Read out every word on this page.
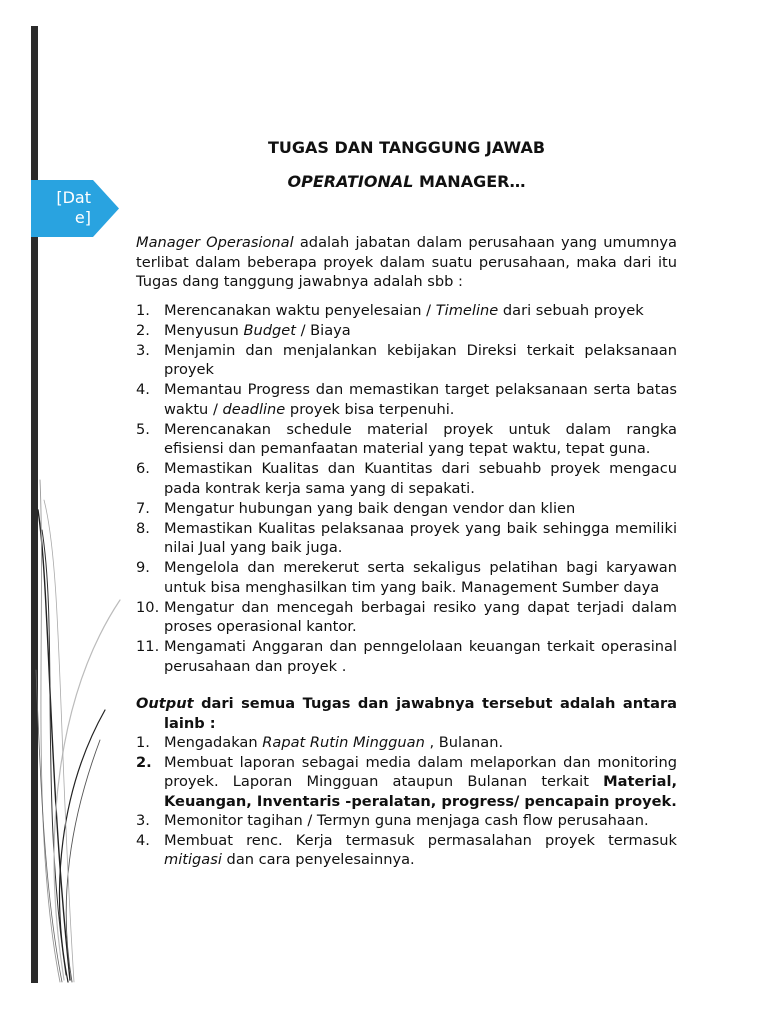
[Date]
TUGAS DAN TANGGUNG JAWAB
OPERATIONAL MANAGER…

Manager Operasional adalah jabatan dalam perusahaan yang umumnya terlibat dalam beberapa proyek dalam suatu perusahaan, maka dari itu Tugas dang tanggung jawabnya adalah sbb :

1. Merencanakan waktu penyelesaian / Timeline dari sebuah proyek
2. Menyusun Budget / Biaya
3. Menjamin dan menjalankan kebijakan Direksi terkait pelaksanaan proyek
4. Memantau Progress dan memastikan target pelaksanaan serta batas waktu / deadline proyek bisa terpenuhi.
5. Merencanakan schedule material proyek untuk dalam rangka efisiensi dan pemanfaatan material yang tepat waktu, tepat guna.
6. Memastikan Kualitas dan Kuantitas dari sebuahb proyek mengacu pada kontrak kerja sama yang di sepakati.
7. Mengatur hubungan yang baik dengan vendor dan klien
8. Memastikan Kualitas pelaksanaa proyek yang baik sehingga memiliki nilai Jual yang baik juga.
9. Mengelola dan merekerut serta sekaligus pelatihan bagi karyawan untuk bisa menghasilkan tim yang baik. Management Sumber daya
10. Mengatur dan mencegah berbagai resiko yang dapat terjadi dalam proses operasional kantor.
11. Mengamati Anggaran dan penngelolaan keuangan terkait operasinal perusahaan dan proyek .
Output dari semua Tugas dan jawabnya tersebut adalah antara lainb :
1. Mengadakan Rapat Rutin Mingguan , Bulanan.
2. Membuat laporan sebagai media dalam melaporkan dan monitoring proyek. Laporan Mingguan ataupun Bulanan terkait Material, Keuangan, Inventaris -peralatan, progress/ pencapain proyek.
3. Memonitor tagihan / Termyn guna menjaga cash flow perusahaan.
4. Membuat renc. Kerja termasuk permasalahan proyek termasuk mitigasi dan cara penyelesainnya.
